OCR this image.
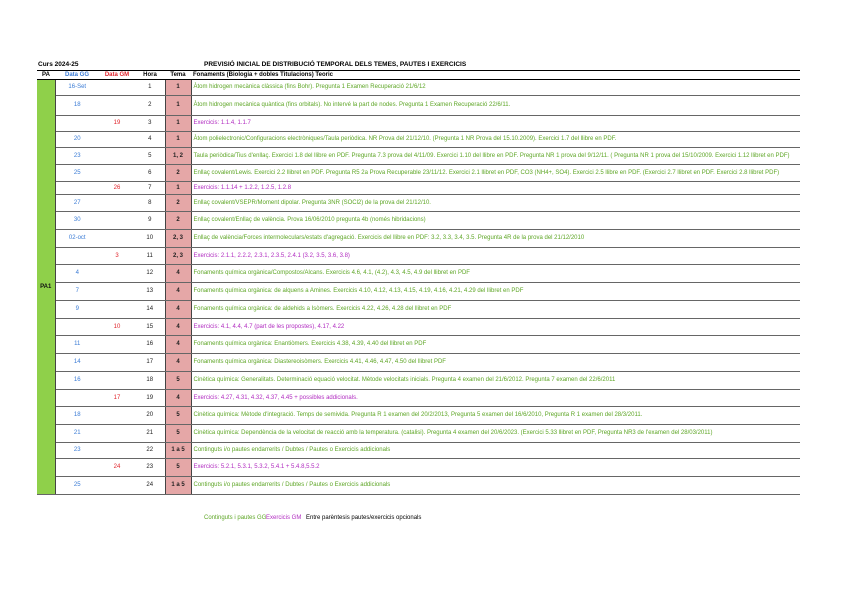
Curs 2024-25	PREVISIÓ INICIAL DE DISTRIBUCIÓ TEMPORAL DELS TEMES, PAUTES I EXERCICIS
PA	Data GG	Data GM	Hora	Tema	Fonaments (Biologia + dobles Titulacions) Teoric
PA1	16-Set		1	1	Àtom hidrogen mecànica clàssica (fins Bohr). Pregunta 1 Examen Recuperació 21/6/12
	18		2	1	Àtom hidrogen mecànica quàntica (fins orbitals). No intervé la part de nodes. Pregunta 1 Examen Recuperació 22/6/11.
		19	3	1	Exercicis: 1.1.4, 1.1.7
	20		4	1	Àtom polielectronic/Configuracions electròniques/Taula periòdica. NR Prova del 21/12/10. (Pregunta 1 NR Prova del 15.10.2009). Exercici 1.7 del llibre en PDF.
	23		5	1, 2	Taula periòdica/Tius d'enllaç. Exercici 1.8 del llibre en PDF. Pregunta 7.3 prova del 4/11/09. Exercici 1.10 del llibre en PDF. Pregunta NR 1 prova del 9/12/11. ( Pregunta NR 1 prova del 15/10/2009. Exercici 1.12 llibret en PDF)
	25		6	2	Enllaç covalent/Lewis. Exercici 2.2 llibret en PDF. Pregunta R5 2a Prova Recuperable 23/11/12. Exercici 2.1 llibret en PDF, CO3 (NH4+, SO4). Exercici 2.5 llibre en PDF. (Exercici 2.7 llibret en PDF. Exercici 2.8 llibret PDF)
		26	7	1	Exercicis: 1.1.14 + 1.2.2, 1.2.5, 1.2.8
	27		8	2	Enllaç covalent/VSEPR/Moment dipolar. Pregunta 3NR (SOCl2) de la prova del 21/12/10.
	30		9	2	Enllaç covalent/Enllaç de valència. Prova 16/06/2010 pregunta 4b (només hibridacions)
	02-oct		10	2, 3	Enllaç de valència/Forces intermoleculars/estats d'agregació. Exercicis del llibre en PDF: 3.2, 3.3, 3.4, 3.5. Pregunta 4R de la prova del 21/12/2010
		3	11	2, 3	Exercicis: 2.1.1, 2.2.2, 2.3.1, 2.3.5, 2.4.1 (3.2, 3.5, 3.6, 3.8)
	4		12	4	Fonaments química orgànica/Compostos/Alcans. Exercicis 4.6, 4.1, (4.2), 4.3, 4.5, 4.9 del llibret en PDF
	7		13	4	Fonaments química orgànica: de alquens a Amines. Exercicis 4.10, 4.12, 4.13, 4.15, 4.19, 4.16, 4.21, 4.29 del llibret en PDF
	9		14	4	Fonaments química orgànica: de aldehids a Isòmers. Exercicis 4.22, 4.26, 4.28 del llibret en PDF
		10	15	4	Exercicis: 4.1, 4.4, 4.7 (part de les propostes), 4.17, 4.22
	11		16	4	Fonaments química orgànica: Enantiòmers. Exercicis 4.38, 4.39, 4.40 del llibret en PDF
	14		17	4	Fonaments química orgànica: Diastereoisòmers. Exercicis 4.41, 4.46, 4.47, 4.50 del llibret PDF
	16		18	5	Cinètica química: Generalitats. Determinació equació velocitat. Mètode velocitats inicials. Pregunta 4 examen del 21/6/2012. Pregunta 7 examen del 22/6/2011
		17	19	4	Exercicis: 4.27, 4.31, 4.32, 4.37, 4.45 + possibles addicionals.
	18		20	5	Cinètica química: Mètode d'integració. Temps de semivida. Pregunta R 1 examen del 20/2/2013, Pregunta 5 examen del 16/6/2010, Pregunta R 1 examen del 28/3/2011.
	21		21	5	Cinètica química: Dependència de la velocitat de reacció amb la temperatura. (catalisi). Pregunta 4 examen del 20/6/2023. (Exercici 5.33 llibret en PDF, Pregunta NR3 de l'examen del 28/03/2011)
	23		22	1 a 5	Continguts i/o pautes endarrerits / Dubtes / Pautes o Exercicis addicionals
		24	23	5	Exercicis: 5.2.1, 5.3.1, 5.3.2, 5.4.1 + 5.4.8,5.5.2
	25		24	1 a 5	Continguts i/o pautes endarrerits / Dubtes / Pautes o Exercicis addicionals
Continguts i pautes GG Exercicis GM Entre parèntesis pautes/exercicis opcionals
